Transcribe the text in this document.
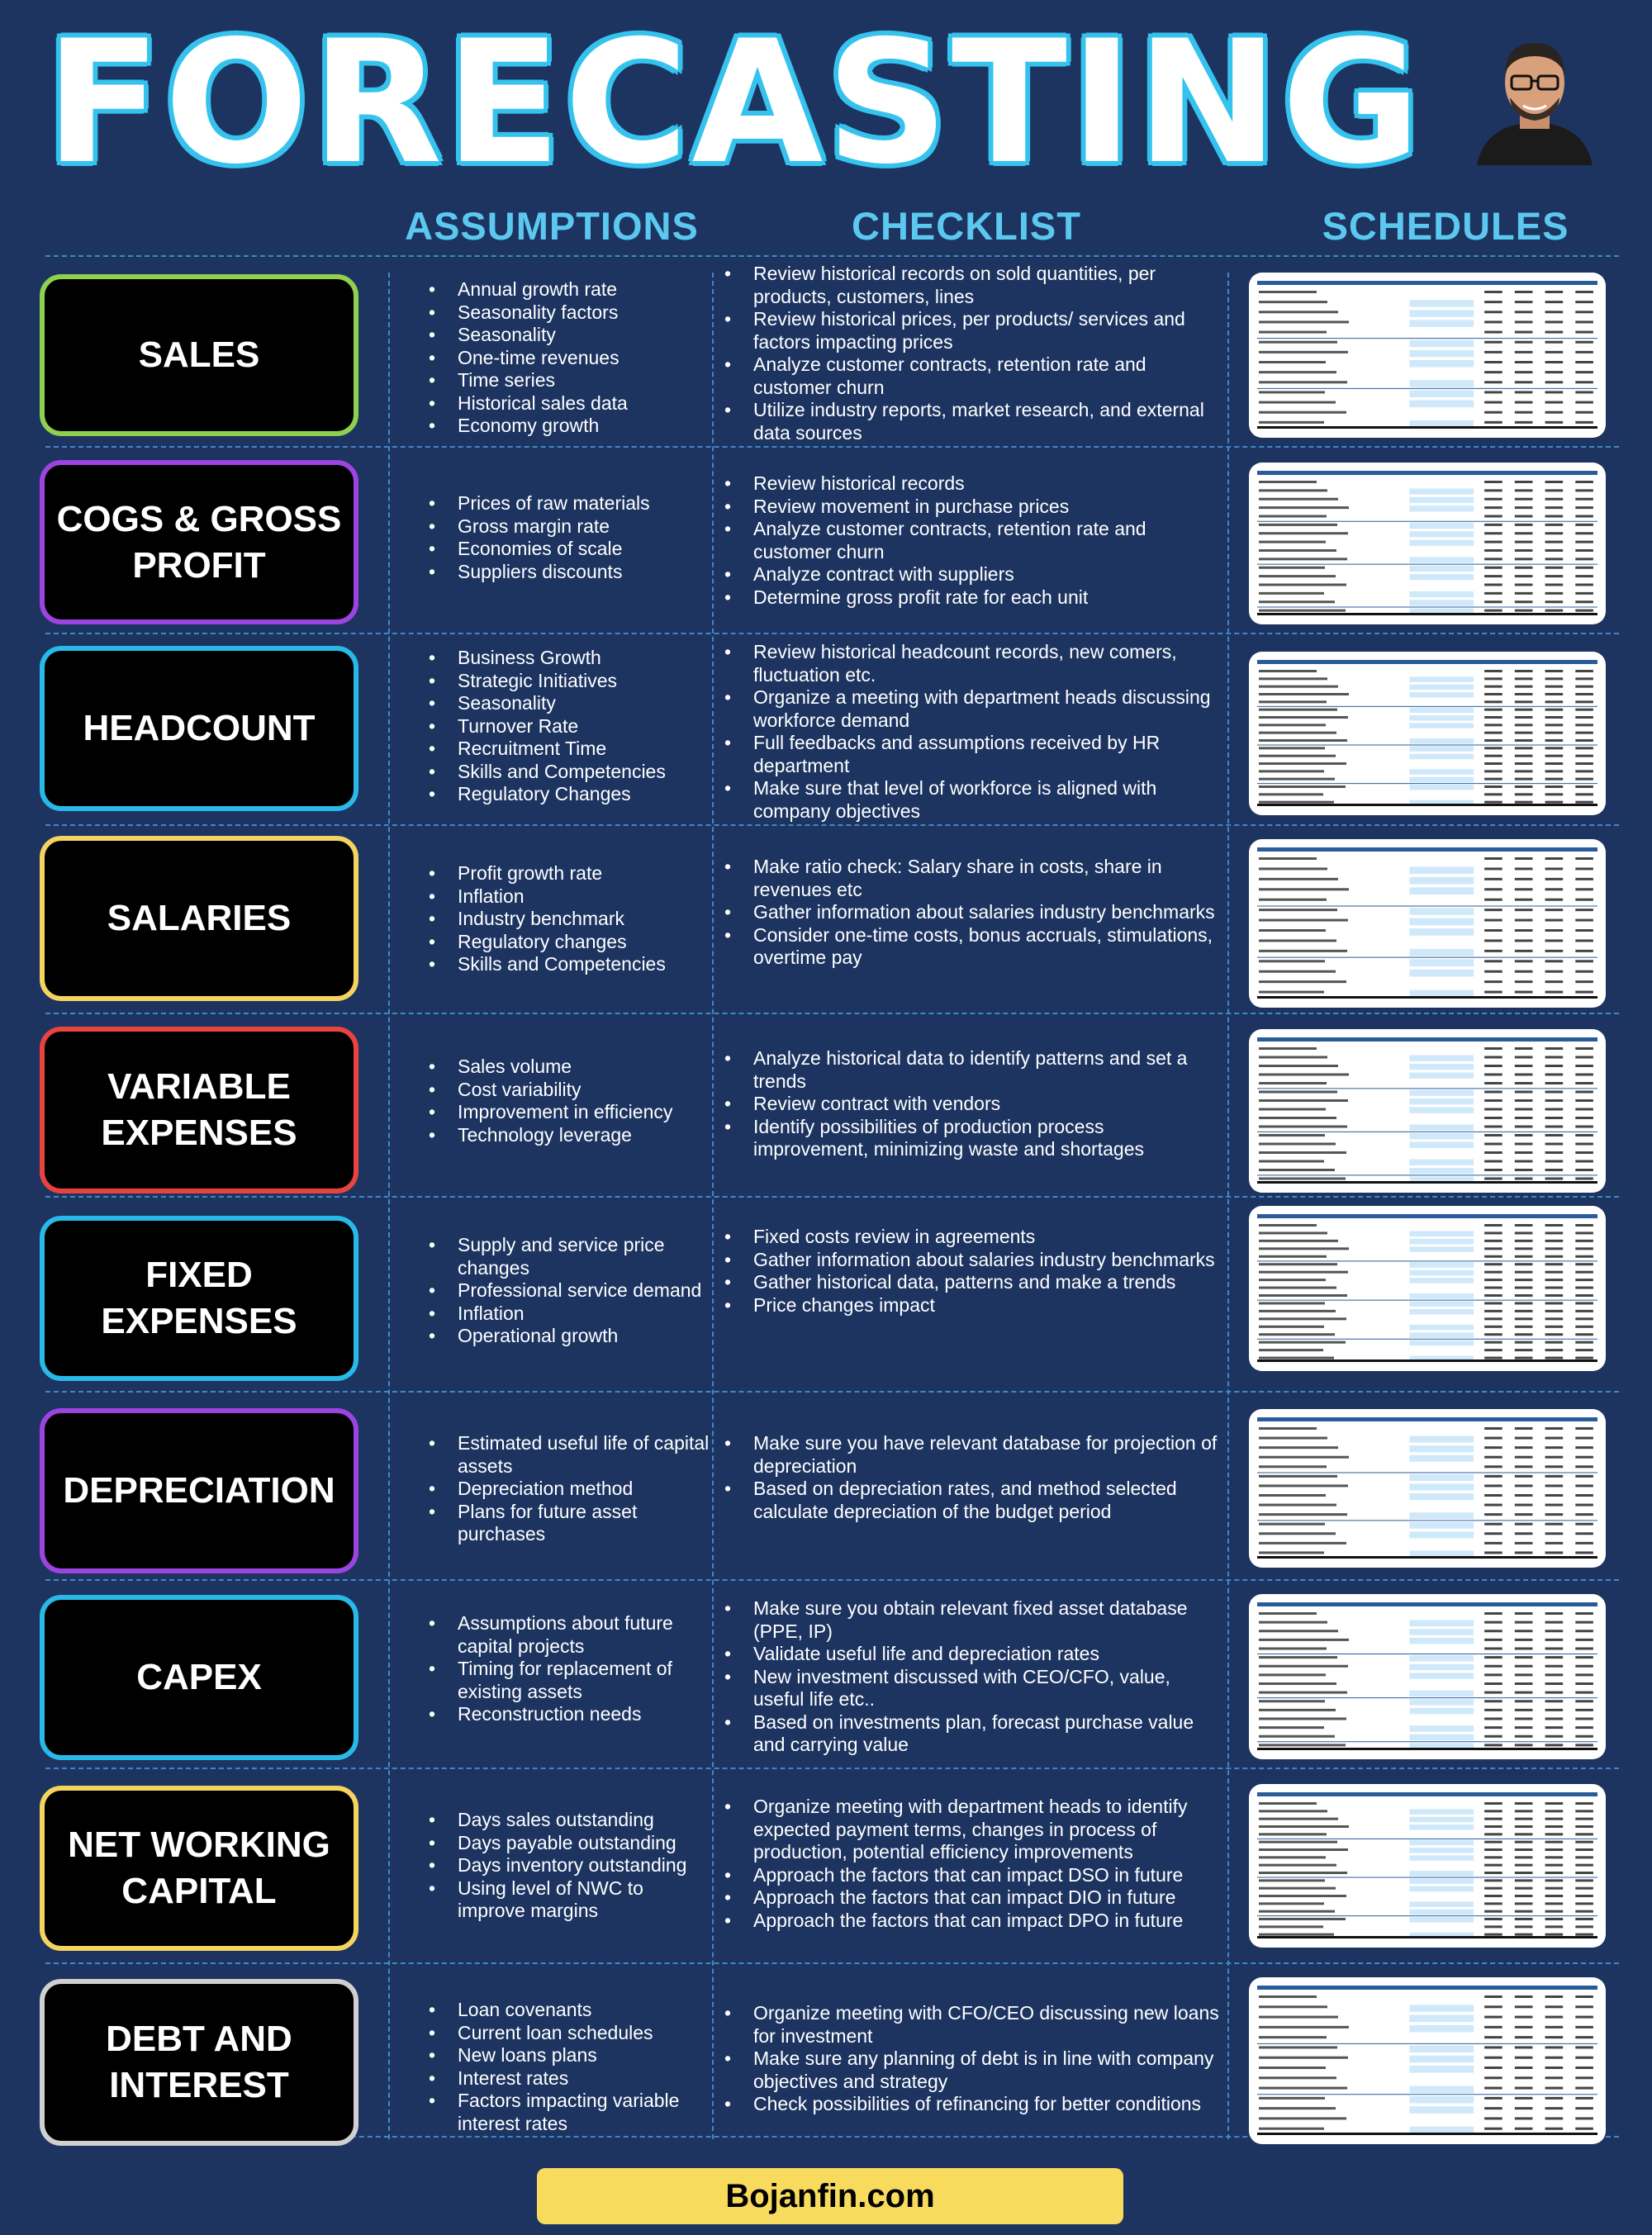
FORECASTING
ASSUMPTIONS	CHECKLIST	SCHEDULES
SALES
• Annual growth rate
• Seasonality factors
• Seasonality
• One-time revenues
• Time series
• Historical sales data
• Economy growth
• Review historical records on sold quantities, per products, customers, lines
• Review historical prices, per products/ services and factors impacting prices
• Analyze customer contracts, retention rate and customer churn
• Utilize industry reports, market research, and external data sources
COGS & GROSS PROFIT
• Prices of raw materials
• Gross margin rate
• Economies of scale
• Suppliers discounts
• Review historical records
• Review movement in purchase prices
• Analyze customer contracts, retention rate and customer churn
• Analyze contract with suppliers
• Determine gross profit rate for each unit
HEADCOUNT
• Business Growth
• Strategic Initiatives
• Seasonality
• Turnover Rate
• Recruitment Time
• Skills and Competencies
• Regulatory Changes
• Review historical headcount records, new comers, fluctuation etc.
• Organize a meeting with department heads discussing workforce demand
• Full feedbacks and assumptions received by HR department
• Make sure that level of workforce is aligned with company objectives
SALARIES
• Profit growth rate
• Inflation
• Industry benchmark
• Regulatory changes
• Skills and Competencies
• Make ratio check: Salary share in costs, share in revenues etc
• Gather information about salaries industry benchmarks
• Consider one-time costs, bonus accruals, stimulations, overtime pay
VARIABLE EXPENSES
• Sales volume
• Cost variability
• Improvement in efficiency
• Technology leverage
• Analyze historical data to identify patterns and set a trends
• Review contract with vendors
• Identify possibilities of production process improvement, minimizing waste and shortages
FIXED EXPENSES
• Supply and service price changes
• Professional service demand
• Inflation
• Operational growth
• Fixed costs review in agreements
• Gather information about salaries industry benchmarks
• Gather historical data, patterns and make a trends
• Price changes impact
DEPRECIATION
• Estimated useful life of capital assets
• Depreciation method
• Plans for future asset purchases
• Make sure you have relevant database for projection of depreciation
• Based on depreciation rates, and method selected calculate depreciation of the budget period
CAPEX
• Assumptions about future capital projects
• Timing for replacement of existing assets
• Reconstruction needs
• Make sure you obtain relevant fixed asset database (PPE, IP)
• Validate useful life and depreciation rates
• New investment discussed with CEO/CFO, value, useful life etc..
• Based on investments plan, forecast purchase value and carrying value
NET WORKING CAPITAL
• Days sales outstanding
• Days payable outstanding
• Days inventory outstanding
• Using level of NWC to improve margins
• Organize meeting with department heads to identify expected payment terms, changes in process of production, potential efficiency improvements
• Approach the factors that can impact DSO in future
• Approach the factors that can impact DIO in future
• Approach the factors that can impact DPO in future
DEBT AND INTEREST
• Loan covenants
• Current loan schedules
• New loans plans
• Interest rates
• Factors impacting variable interest rates
• Organize meeting with CFO/CEO discussing new loans for investment
• Make sure any planning of debt is in line with company objectives and strategy
• Check possibilities of refinancing for better conditions
Bojanfin.com
